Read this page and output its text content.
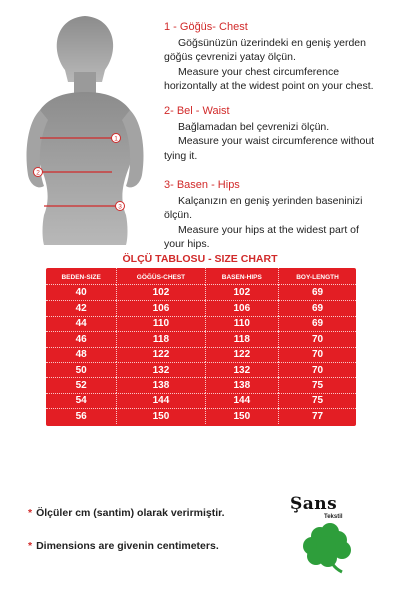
1
2
3
1 - Göğüs- Chest

Göğsünüzün üzerindeki en geniş yerden

göğüs çevrenizi yatay ölçün.

Measure your chest circumference

horizontally at the widest point on your chest.

2- Bel - Waist

Bağlamadan bel çevrenizi ölçün.

Measure your waist circumference without

tying it.

3- Basen - Hips

Kalçanızın en geniş yerinden baseninizi

ölçün.

Measure your hips at the widest part of

your hips.

ÖLÇÜ TABLOSU - SIZE CHART
BEDEN-SIZE	GÖĞÜS-CHEST	BASEN-HIPS	BOY-LENGTH
40	102	102	69
42	106	106	69
44	110	110	69
46	118	118	70
48	122	122	70
50	132	132	70
52	138	138	75
54	144	144	75
56	150	150	77
* Ölçüler cm (santim) olarak verirmiştir.
* Dimensions are givenin centimeters.
Şans
Tekstil
